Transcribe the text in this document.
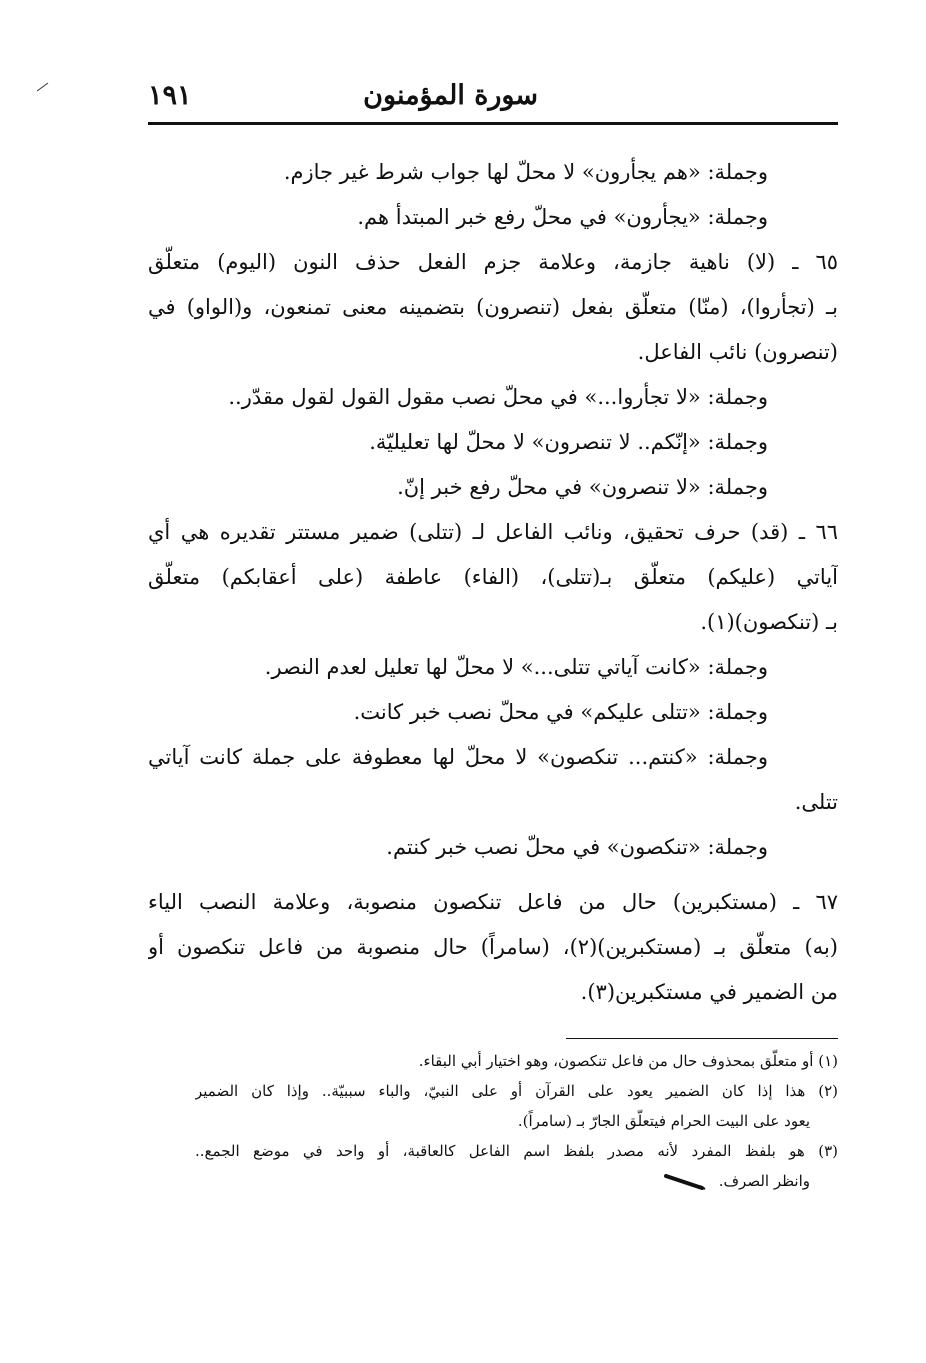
سورة المؤمنون
١٩١
وجملة: «هم يجأرون» لا محلّ لها جواب شرط غير جازم.
وجملة: «يجأرون» في محلّ رفع خبر المبتدأ هم.
٦٥ ـ (لا) ناهية جازمة، وعلامة جزم الفعل حذف النون (اليوم) متعلّق
بـ (تجأروا)، (منّا) متعلّق بفعل (تنصرون) بتضمينه معنى تمنعون، و(الواو) في
(تنصرون) نائب الفاعل.
وجملة: «لا تجأروا...» في محلّ نصب مقول القول لقول مقدّر..
وجملة: «إنّكم.. لا تنصرون» لا محلّ لها تعليليّة.
وجملة: «لا تنصرون» في محلّ رفع خبر إنّ.
٦٦ ـ (قد) حرف تحقيق، ونائب الفاعل لـ (تتلى) ضمير مستتر تقديره هي أي
آياتي (عليكم) متعلّق بـ(تتلى)، (الفاء) عاطفة (على أعقابكم) متعلّق
بـ (تنكصون)(١).
وجملة: «كانت آياتي تتلى...» لا محلّ لها تعليل لعدم النصر.
وجملة: «تتلى عليكم» في محلّ نصب خبر كانت.
وجملة: «كنتم... تنكصون» لا محلّ لها معطوفة على جملة كانت آياتي
تتلى.
وجملة: «تنكصون» في محلّ نصب خبر كنتم.
٦٧ ـ (مستكبرين) حال من فاعل تنكصون منصوبة، وعلامة النصب الياء
(به) متعلّق بـ (مستكبرين)(٢)، (سامراً) حال منصوبة من فاعل تنكصون أو
من الضمير في مستكبرين(٣).
(١) أو متعلّق بمحذوف حال من فاعل تنكصون، وهو اختيار أبي البقاء.
(٢) هذا إذا كان الضمير يعود على القرآن أو على النبيّ، والباء سببيّة.. وإذا كان الضمير
يعود على البيت الحرام فيتعلّق الجارّ بـ (سامراً).
(٣) هو بلفظ المفرد لأنه مصدر بلفظ اسم الفاعل كالعاقبة، أو واحد في موضع الجمع..
وانظر الصرف.
